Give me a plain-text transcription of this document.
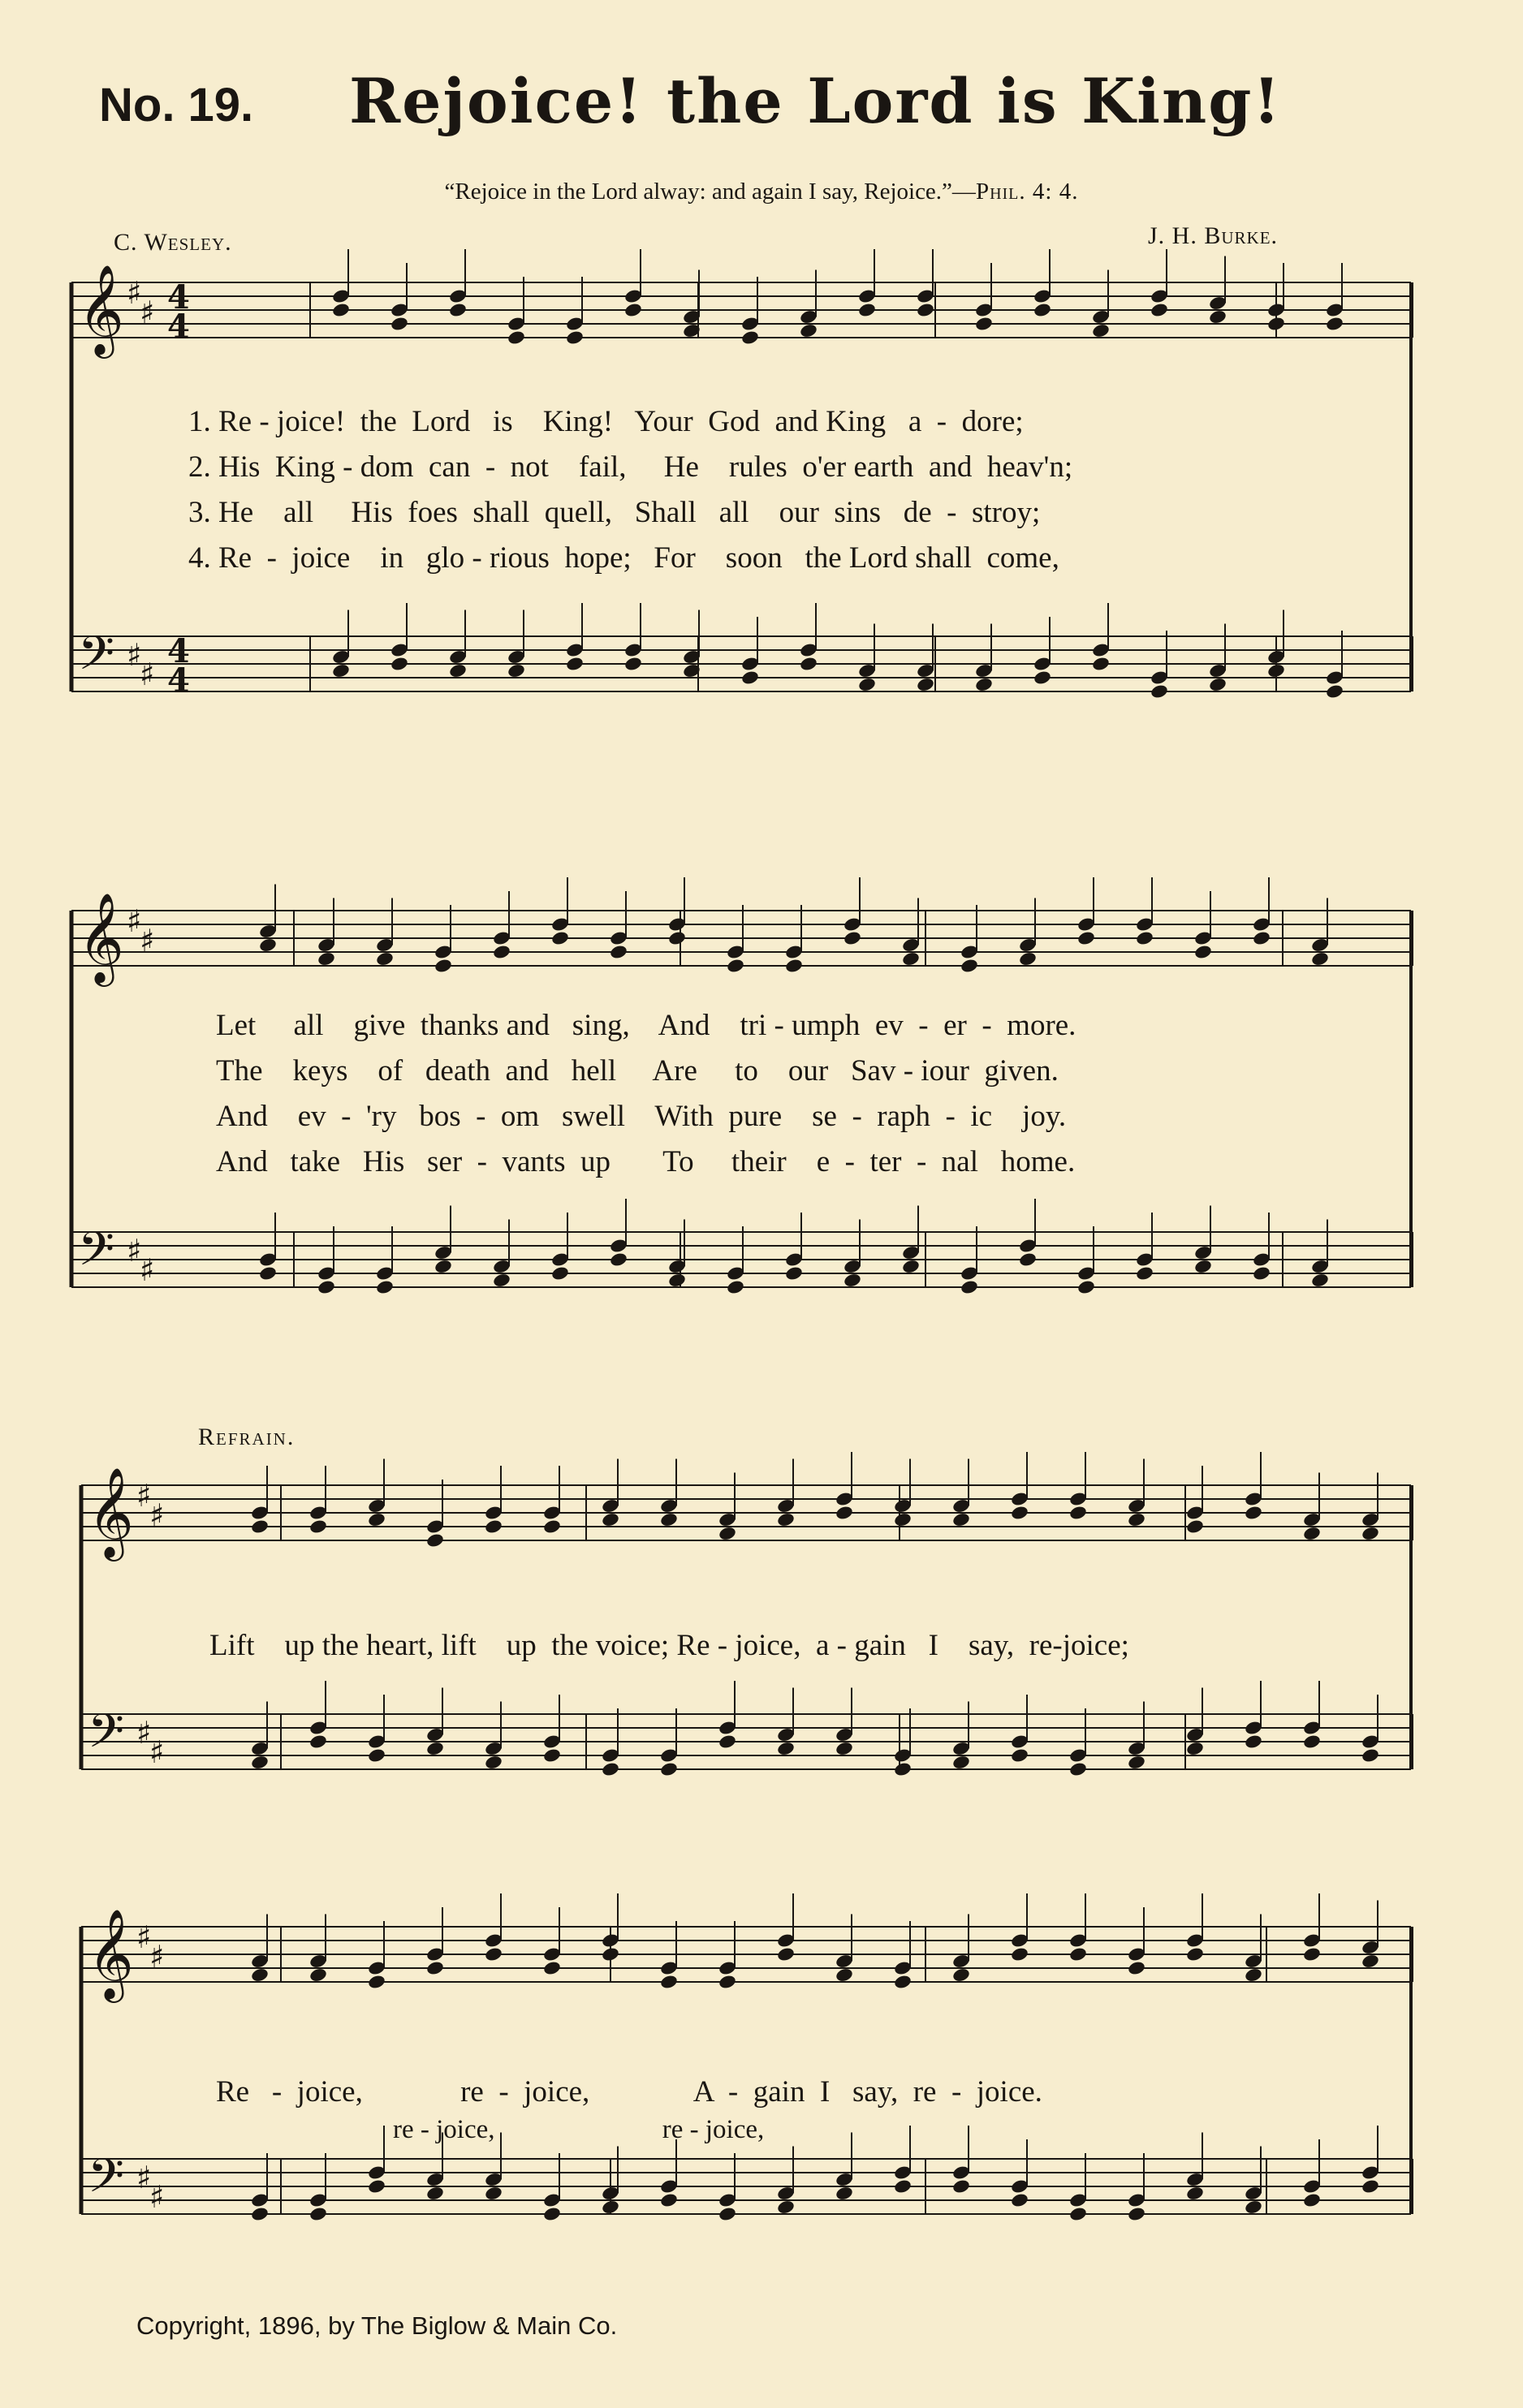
No. 19. Rejoice! the Lord is King!
“Rejoice in the Lord alway: and again I say, Rejoice.”—Phil. 4: 4.
C. Wesley.	J. H. Burke.
𝄞 ♯
♯ 4
4
𝄢 ♯
♯
4
4
𝄞 ♯
♯
𝄢 ♯
♯
𝄞 ♯
♯
𝄢 ♯
♯
𝄞 ♯
♯
𝄢 ♯
♯
1. Re - joice!  the  Lord   is    King!   Your  God  and King   a  -  dore;
2. His  King - dom  can  -  not    fail,     He    rules  o'er earth  and  heav'n;
3. He    all     His  foes  shall  quell,   Shall   all    our  sins   de  -  stroy;
4. Re  -  joice    in   glo - rious  hope;   For    soon   the Lord shall  come,
Let     all    give  thanks and   sing,    And    tri - umph  ev  -  er  -  more.
The    keys    of   death  and   hell     Are     to    our   Sav - iour  given.
And    ev  -  'ry   bos  -  om   swell    With  pure    se  -  raph  -  ic    joy.
And   take   His   ser  -  vants  up       To     their    e  -  ter  -  nal   home.
Refrain.
Lift    up the heart, lift    up  the voice; Re - joice,  a - gain   I    say,  re-joice;
Re   -  joice,             re  -  joice,              A  -  gain  I   say,  re  -  joice.
re - joice,                         re - joice,
Copyright, 1896, by The Biglow & Main Co.
